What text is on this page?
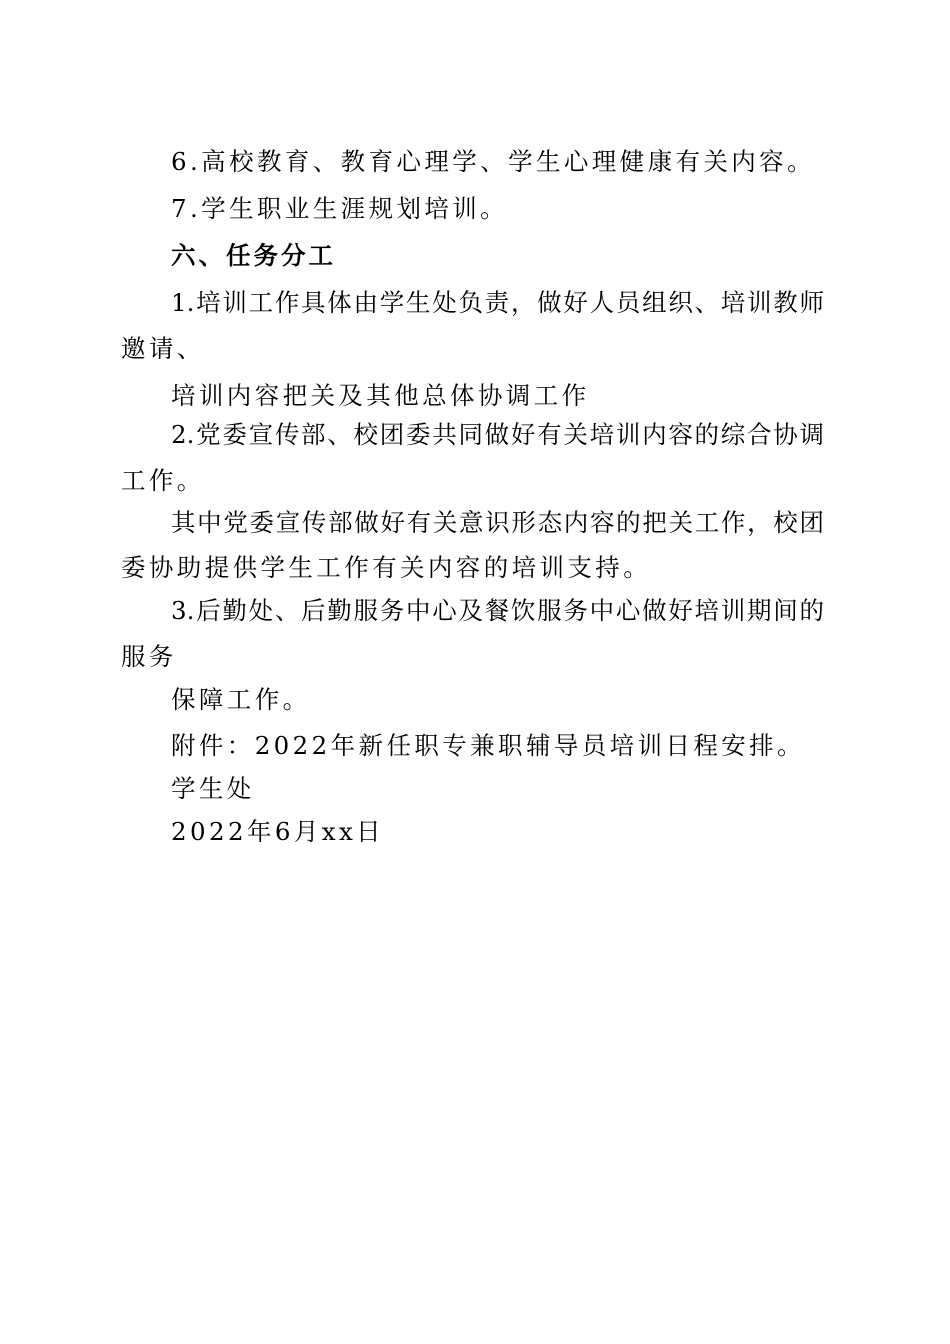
6.高校教育、教育心理学、学生心理健康有关内容。
7.学生职业生涯规划培训。
六、任务分工
1.培训工作具体由学生处负责，做好人员组织、培训教师
邀请、
培训内容把关及其他总体协调工作
2.党委宣传部、校团委共同做好有关培训内容的综合协调
工作。
其中党委宣传部做好有关意识形态内容的把关工作，校团
委协助提供学生工作有关内容的培训支持。
3.后勤处、后勤服务中心及餐饮服务中心做好培训期间的
服务
保障工作。
附件：2022年新任职专兼职辅导员培训日程安排。
学生处
2022年6月xx日
